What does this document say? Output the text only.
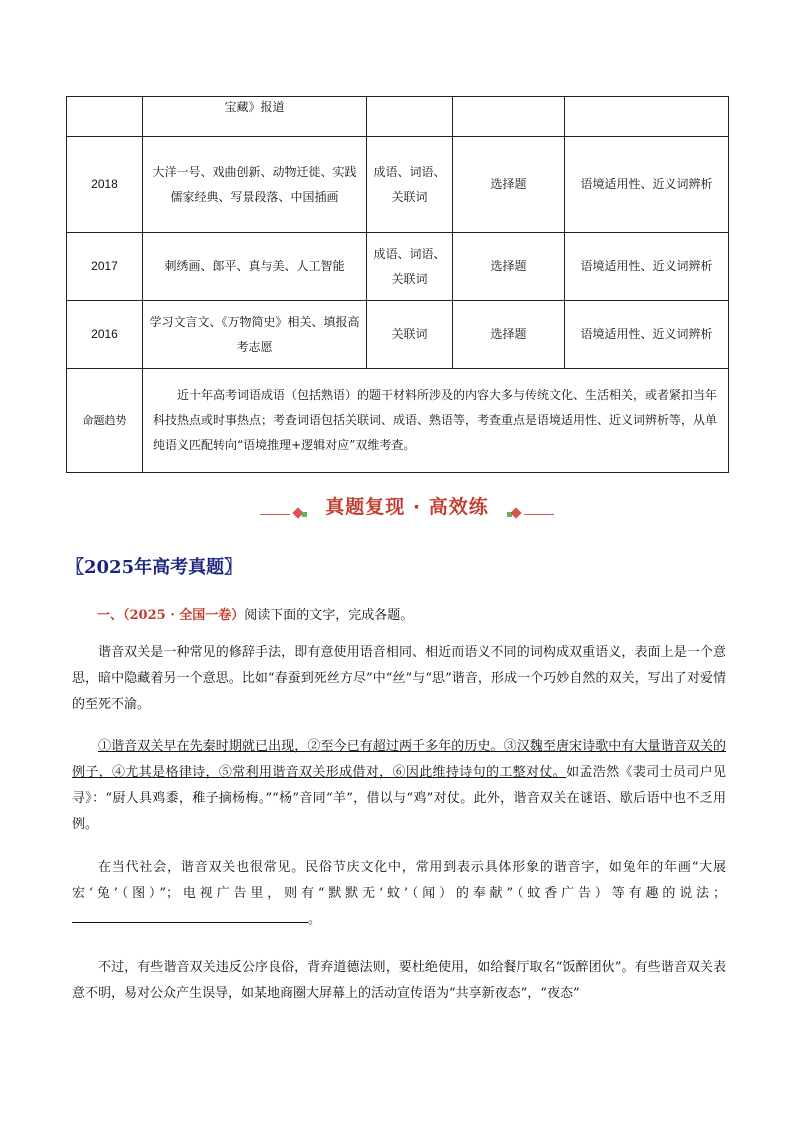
	宝藏》报道			
2018	大洋一号、戏曲创新、动物迁徙、实践儒家经典、写景段落、中国插画	成语、词语、关联词	选择题	语境适用性、近义词辨析
2017	刺绣画、郎平、真与美、人工智能	成语、词语、关联词	选择题	语境适用性、近义词辨析
2016	学习文言文、《万物简史》相关、填报高考志愿	关联词	选择题	语境适用性、近义词辨析
命题趋势	近十年高考词语成语（包括熟语）的题干材料所涉及的内容大多与传统文化、生活相关，或者紧扣当年科技热点或时事热点；考查词语包括关联词、成语、熟语等，考查重点是语境适用性、近义词辨析等，从单纯语义匹配转向“语境推理+逻辑对应”双维考查。			
真题复现 · 高效练
〖2025年高考真题〗
一、（2025 · 全国一卷）阅读下面的文字，完成各题。
谐音双关是一种常见的修辞手法，即有意使用语音相同、相近而语义不同的词构成双重语义，表面上是一个意思，暗中隐藏着另一个意思。比如“春蚕到死丝方尽”中“丝”与“思”谐音，形成一个巧妙自然的双关，写出了对爱情的至死不渝。
①谐音双关早在先秦时期就已出现，②至今已有超过两千多年的历史。③汉魏至唐宋诗歌中有大量谐音双关的例子，④尤其是格律诗，⑤常利用谐音双关形成借对，⑥因此维持诗句的工整对仗。如孟浩然《裴司士员司户见寻》：“厨人具鸡黍，稚子摘杨梅。”“杨”音同“羊”，借以与“鸡”对仗。此外，谐音双关在谜语、歇后语中也不乏用例。
在当代社会，谐音双关也很常见。民俗节庆文化中，常用到表示具体形象的谐音字，如兔年的年画“大展宏‘兔’（图）”；电视广告里，则有“默默无‘蚊’（闻）的奉献”（蚊香广告）等有趣的说法；。
不过，有些谐音双关违反公序良俗，背弃道德法则，要杜绝使用，如给餐厅取名“饭醉团伙”。有些谐音双关表意不明，易对公众产生误导，如某地商圈大屏幕上的活动宣传语为“共享新夜态”，“夜态”
